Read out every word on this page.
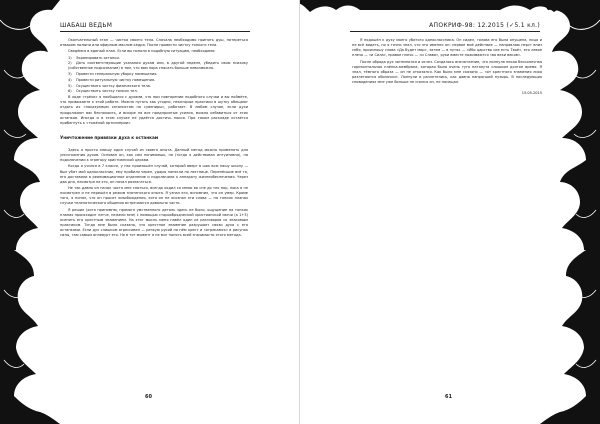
ШАБАШ ВЕДЬМ

Окончательный этап — чистка своего тела. Сначала необходимо принять душ, натереться отваром полыни или эфирным маслом кедра. После провести чистку тонкого тела.

Сведёмся в единый план. Если вы попали в подобную ситуацию, необходимо:

1) Экранировать останки.
2) Дать соответствующие указания духам или, в другой неделе, убедить свою психику (собственное подсознание) в том, что вам пора спасать больше невозможно.
3) Провести генеральную уборку помещения.
4) Провести ритуальную чистку помещения.
5) Осуществить чистку физического тела.
6) Осуществить чистку тонких тел.

В ходе «трёхи» я пообщался с духами, что при повторении подобного случаи и вы поймёте, что привыкаете к этой работе. Можно пугать как угодно, некоторые практики в шутку обещают отдать их «наказуемым сатанистам на сувениры», работает. В любом случае, если духи продолжают вас беспокоить, и вскоре на все предприятые усилия, можно избавиться от этих останков. Иногда и в этом случае не удаётся достичь покоя. При таком раскладе остаётся прибегнуть к «тяжёлой артиллерии».

Уничтожение привязки духа к останкам

Здесь я просто опишу один случай из своего опыта. Данный метод можно применять для уничтожения духов. Основан он, как сам понимаешь, на (тогда я действовал интуитивно), на подключении к эгрегору христианской церкви.

Когда я учился в 7 классе, у нас произошёл случай, который вверг в шок всю нашу школу — был убит мой одноклассник, ему пробили череп, удары нанесли по лестнице. Перенёсшие всё то, его доставили в реанимационное отделение и подключили к аппарату жизнеобеспечения. Через два дня, несмотря на это, он начал разлагаться.

Не так давно он начал часто мне сниться, всегда ходил со мною во сне до тех пор, пока я не посмотрел и не перешёл в режим знатенского опыта. Я узнал его, вспомнил, что он умер. Кроме того, я понял, что он просит освобождения, хотя он не осознал эти слова — на тонких планах случаи телепатического общения встречаются довольно часто.

Я решил (хотя припомню, прямого умственного деталь здесь не было, ощущение на тонких планах происходит легче, нежели мне) с помощью старообрядческой христианской свечи (а 1+5) осенить его крестным знамением. На этот мысль меня навёл один из разговоров со знакомым практиком. Тогда мне было сказано, что крестное знамение разрушает связи духа с его останками. Если дух слишком агрессивен — резкую рукой на нём крест и «отрекаюсь» в рисунок силы, там самым аплевурт его. Но в тот момент я не мог понять всей значимости этого метода.

60
АПОКРИФ-98: 12.2015 (✓5.1 кл.)

Я подошёл к духу моего убитого одноклассника. Он сидел, голова его была опущена, лицо и не всё видеть, но я точно знал, что это именно он: первое моё действие — направляю перст вниз себя, произношу слова «Да будет мир», затем — в путях — «Ибо царство сие есть Твоё», его левое плечо — «и Сила», правое плечо — «и Слава», руки вместе пожимаются «во веки веков».

После обряда дух затемнился и исчез. Создалось впечатление, что лопнула некая бесконечная горизонтальная плёнка-мембрана, которая была очень туго натянута слишком долгое время. Я знал, тёмного образа — он не отказался. Как было мне сказано — «от крестного знамения лиха разлетаются оболочки». Лопнули и разлетелись, как давно напрягший пузырь. В последующих сновидениях мне уже больше не снился он, не посещал.

15.05.2015

61
